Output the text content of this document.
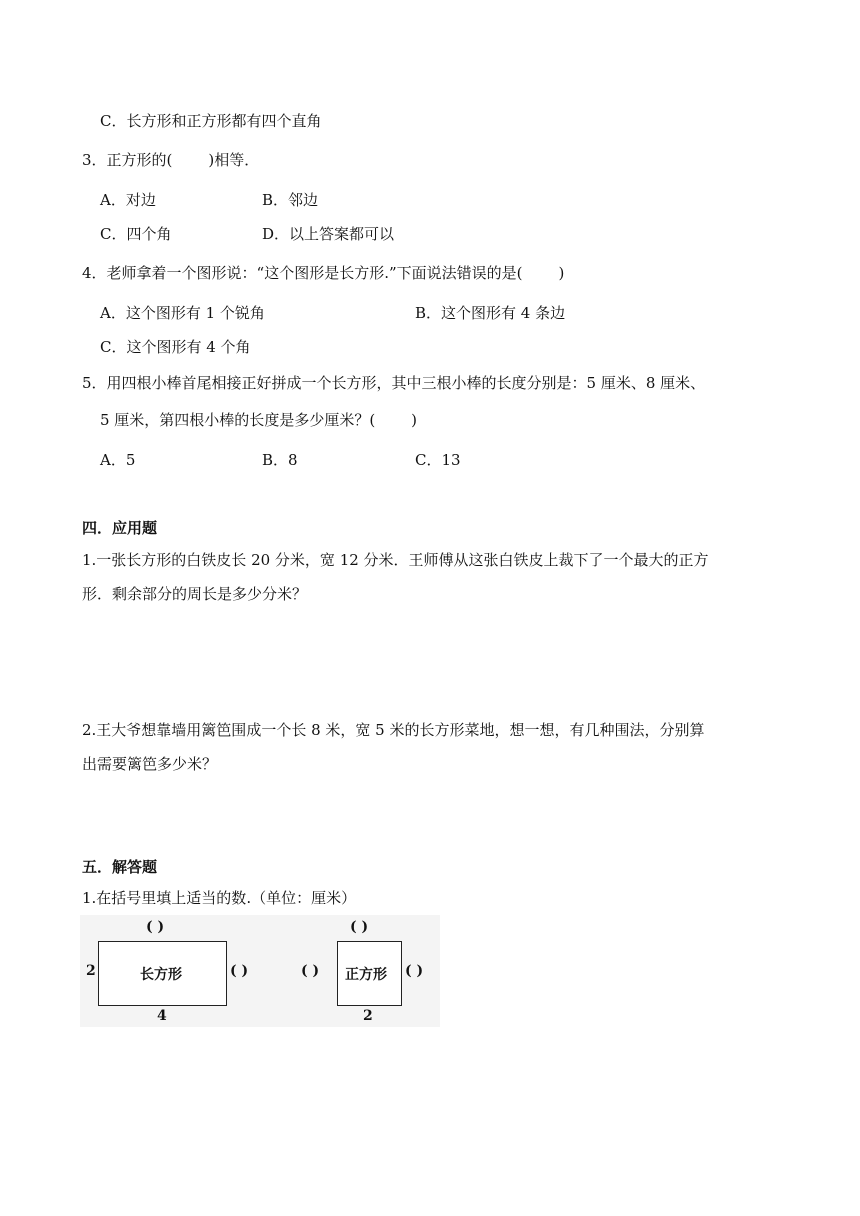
C．长方形和正方形都有四个直角
3．正方形的( )相等．
A．对边	B．邻边
C．四个角	D．以上答案都可以
4．老师拿着一个图形说：“这个图形是长方形.”下面说法错误的是( )
A．这个图形有 1 个锐角	B．这个图形有 4 条边
C．这个图形有 4 个角
5．用四根小棒首尾相接正好拼成一个长方形，其中三根小棒的长度分别是：5 厘米、8 厘米、
5 厘米，第四根小棒的长度是多少厘米？( )
A．5	B．8	C．13
四．应用题
1.一张长方形的白铁皮长 20 分米，宽 12 分米．王师傅从这张白铁皮上裁下了一个最大的正方
形．剩余部分的周长是多少分米？
2.王大爷想靠墙用篱笆围成一个长 8 米，宽 5 米的长方形菜地，想一想，有几种围法，分别算
出需要篱笆多少米？
五．解答题
1.在括号里填上适当的数.（单位：厘米）
( )
长方形
2	( )
4
( )
正方形
( )	( )
2
